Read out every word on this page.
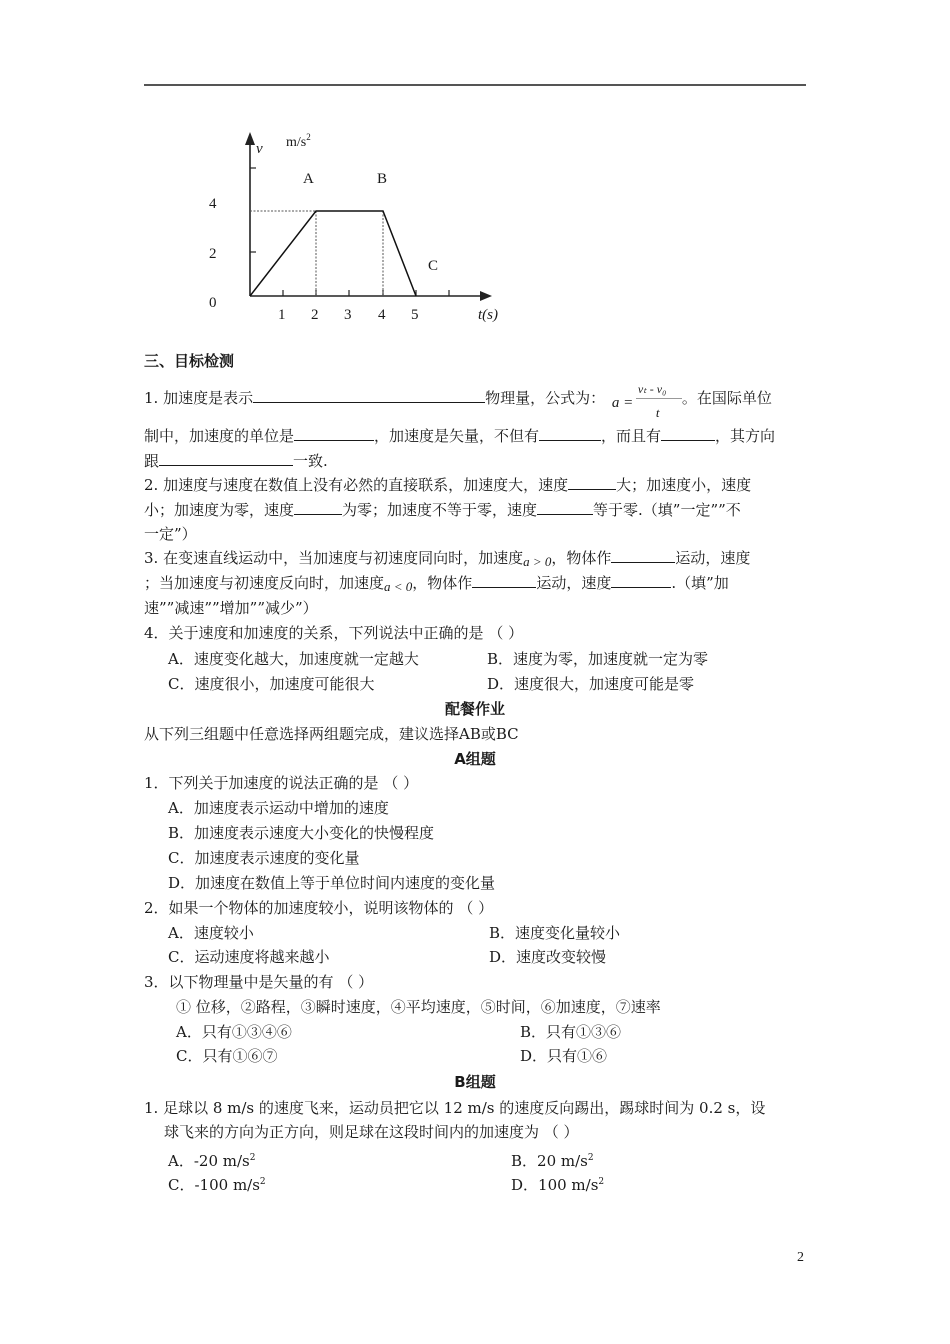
v $m/s^2$
A	B
C
4
2
0
1 2 3 4 5	t(s)
三、目标检测
1. 加速度是表示	物理量，公式为： a =
vₜ - v₀
t
。在国际单位
制中，加速度的单位是	，加速度是矢量，不但有	，而且有	，其方向
跟	一致.
2. 加速度与速度在数值上没有必然的直接联系，加速度大，速度	大；加速度小，速度
小；加速度为零，速度	为零；加速度不等于零，速度	等于零.（填”一定””不
一定”）
3. 在变速直线运动中，当加速度与初速度同向时，加速度a > 0，物体作	运动，速度
；当加速度与初速度反向时，加速度a < 0，物体作	运动，速度	.（填”加
速””减速””增加””减少”）
4．关于速度和加速度的关系，下列说法中正确的是 （ ）
A．速度变化越大，加速度就一定越大	B．速度为零，加速度就一定为零
C．速度很小，加速度可能很大	D．速度很大，加速度可能是零
配餐作业
从下列三组题中任意选择两组题完成，建议选择AB或BC
A组题
1．下列关于加速度的说法正确的是 （ ）
A．加速度表示运动中增加的速度
B．加速度表示速度大小变化的快慢程度
C．加速度表示速度的变化量
D．加速度在数值上等于单位时间内速度的变化量
2．如果一个物体的加速度较小，说明该物体的 （ ）
A．速度较小	B．速度变化量较小
C．运动速度将越来越小	D．速度改变较慢
3．以下物理量中是矢量的有 （ ）
① 位移，②路程，③瞬时速度，④平均速度，⑤时间，⑥加速度，⑦速率
A．只有①③④⑥	B．只有①③⑥
C．只有①⑥⑦	D．只有①⑥
B组题
1. 足球以 8 m/s 的速度飞来，运动员把它以 12 m/s 的速度反向踢出，踢球时间为 0.2 s，设
球飞来的方向为正方向，则足球在这段时间内的加速度为 （ ）
A．-20 $m/s^2$	B．20 $m/s^2$
C．-100 $m/s^2$	D．100 $m/s^2$
2
